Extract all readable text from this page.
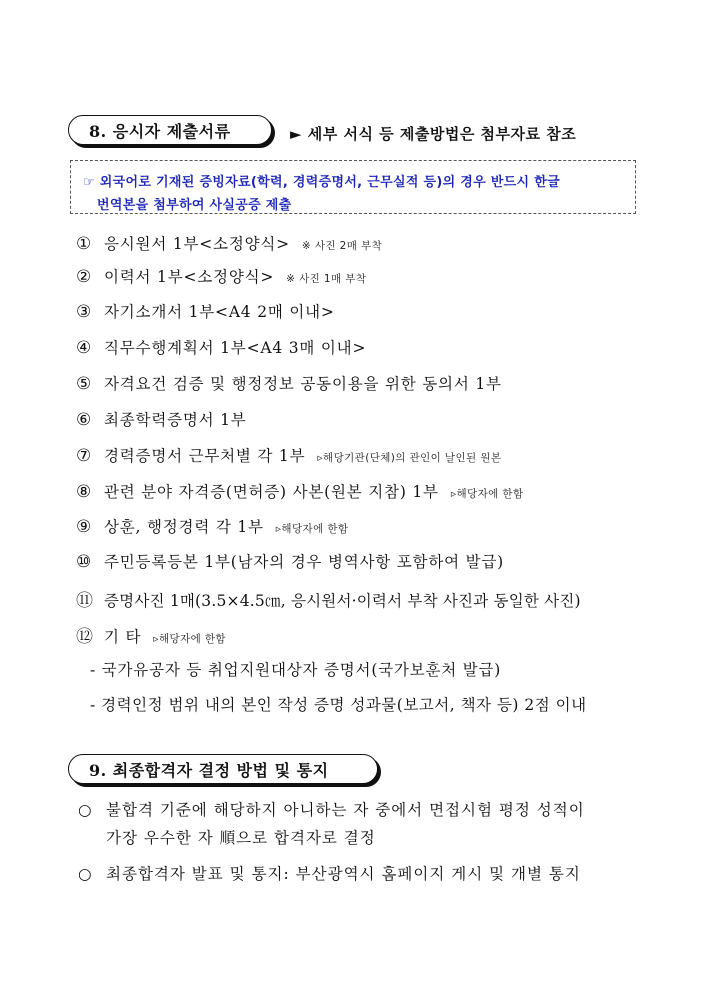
8. 응시자 제출서류	► 세부 서식 등 제출방법은 첨부자료 참조
☞ 외국어로 기재된 증빙자료(학력, 경력증명서, 근무실적 등)의 경우 반드시 한글
번역본을 첨부하여 사실공증 제출
① 응시원서 1부<소정양식> ※ 사진 2매 부착
② 이력서 1부<소정양식> ※ 사진 1매 부착
③ 자기소개서 1부<A4 2매 이내>
④ 직무수행계획서 1부<A4 3매 이내>
⑤ 자격요건 검증 및 행정정보 공동이용을 위한 동의서 1부
⑥ 최종학력증명서 1부
⑦ 경력증명서 근무처별 각 1부 ▹해당기관(단체)의 관인이 날인된 원본
⑧ 관련 분야 자격증(면허증) 사본(원본 지참) 1부 ▹해당자에 한함
⑨ 상훈, 행정경력 각 1부 ▹해당자에 한함
⑩ 주민등록등본 1부(남자의 경우 병역사항 포함하여 발급)
⑪ 증명사진 1매(3.5×4.5㎝, 응시원서·이력서 부착 사진과 동일한 사진)
⑫ 기 타 ▹해당자에 한함
- 국가유공자 등 취업지원대상자 증명서(국가보훈처 발급)
- 경력인정 범위 내의 본인 작성 증명 성과물(보고서, 책자 등) 2점 이내
9. 최종합격자 결정 방법 및 통지
○ 불합격 기준에 해당하지 아니하는 자 중에서 면접시험 평정 성적이
가장 우수한 자 順으로 합격자로 결정
○ 최종합격자 발표 및 통지: 부산광역시 홈페이지 게시 및 개별 통지
